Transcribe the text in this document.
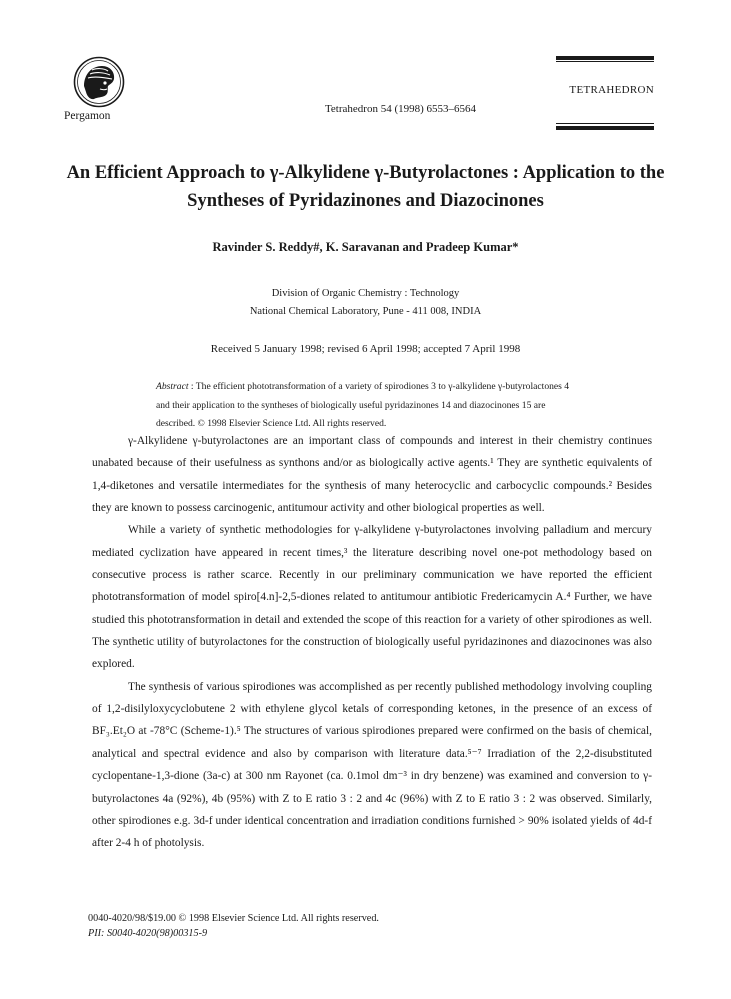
Pergamon
Tetrahedron 54 (1998) 6553–6564
TETRAHEDRON
An Efficient Approach to γ-Alkylidene γ-Butyrolactones : Application to the
Syntheses of Pyridazinones and Diazocinones
Ravinder S. Reddy#, K. Saravanan and Pradeep Kumar*
Division of Organic Chemistry : Technology
National Chemical Laboratory, Pune - 411 008, INDIA
Received 5 January 1998; revised 6 April 1998; accepted 7 April 1998
Abstract : The efficient phototransformation of a variety of spirodiones 3 to γ-alkylidene γ-butyrolactones 4 and their application to the syntheses of biologically useful pyridazinones 14 and diazocinones 15 are described. © 1998 Elsevier Science Ltd. All rights reserved.

γ-Alkylidene γ-butyrolactones are an important class of compounds and interest in their chemistry continues unabated because of their usefulness as synthons and/or as biologically active agents.¹ They are synthetic equivalents of 1,4-diketones and versatile intermediates for the synthesis of many heterocyclic and carbocyclic compounds.² Besides they are known to possess carcinogenic, antitumour activity and other biological properties as well.

While a variety of synthetic methodologies for γ-alkylidene γ-butyrolactones involving palladium and mercury mediated cyclization have appeared in recent times,³ the literature describing novel one-pot methodology based on consecutive process is rather scarce. Recently in our preliminary communication we have reported the efficient phototransformation of model spiro[4.n]-2,5-diones related to antitumour antibiotic Fredericamycin A.⁴ Further, we have studied this phototransformation in detail and extended the scope of this reaction for a variety of other spirodiones as well. The synthetic utility of butyrolactones for the construction of biologically useful pyridazinones and diazocinones was also explored.

The synthesis of various spirodiones was accomplished as per recently published methodology involving coupling of 1,2-disilyloxycyclobutene 2 with ethylene glycol ketals of corresponding ketones, in the presence of an excess of BF₃.Et₂O at -78°C (Scheme-1).⁵ The structures of various spirodiones prepared were confirmed on the basis of chemical, analytical and spectral evidence and also by comparison with literature data.⁵⁻⁷ Irradiation of the 2,2-disubstituted cyclopentane-1,3-dione (3a-c) at 300 nm Rayonet (ca. 0.1mol dm⁻³ in dry benzene) was examined and conversion to γ-butyrolactones 4a (92%), 4b (95%) with Z to E ratio 3 : 2 and 4c (96%) with Z to E ratio 3 : 2 was observed. Similarly, other spirodiones e.g. 3d-f under identical concentration and irradiation conditions furnished > 90% isolated yields of 4d-f after 2-4 h of photolysis.

0040-4020/98/$19.00 © 1998 Elsevier Science Ltd. All rights reserved.
PII: S0040-4020(98)00315-9
